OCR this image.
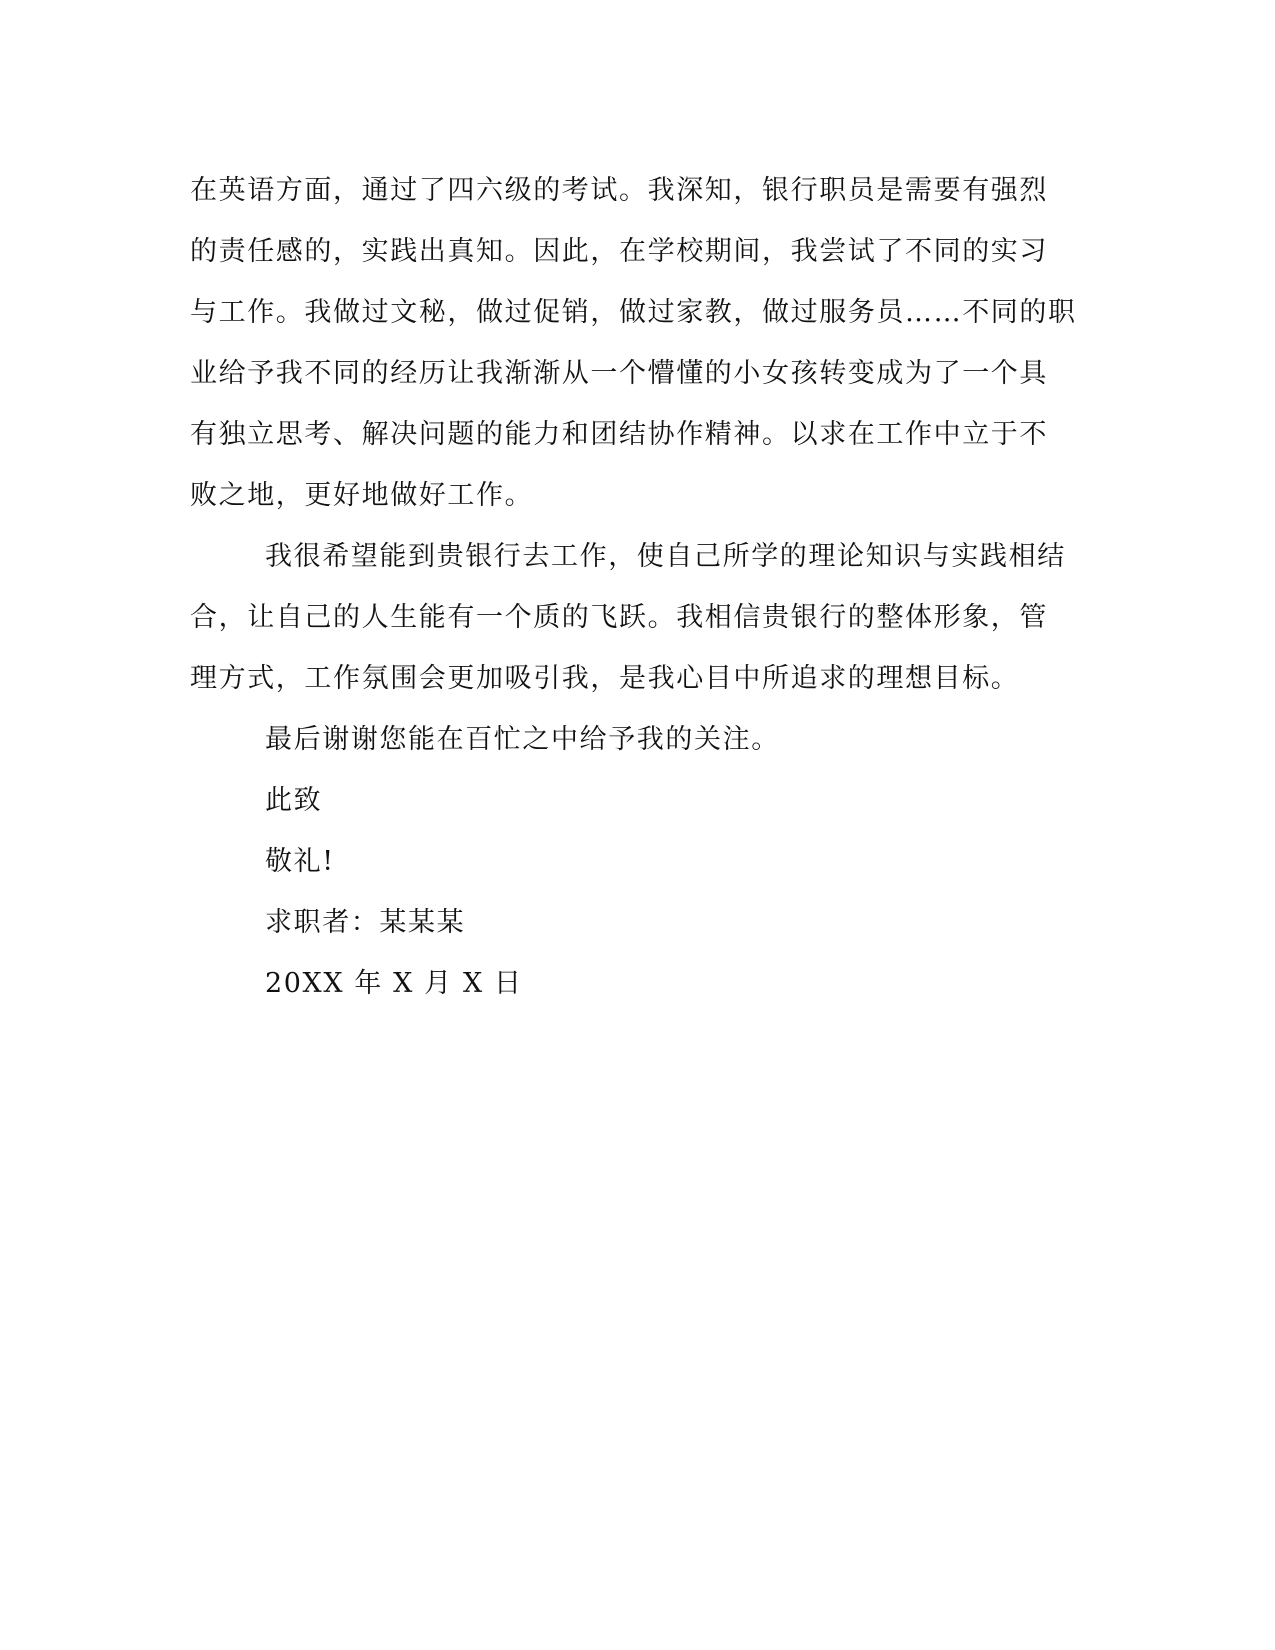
在英语方面，通过了四六级的考试。我深知，银行职员是需要有强烈
的责任感的，实践出真知。因此，在学校期间，我尝试了不同的实习
与工作。我做过文秘，做过促销，做过家教，做过服务员……不同的职
业给予我不同的经历让我渐渐从一个懵懂的小女孩转变成为了一个具
有独立思考、解决问题的能力和团结协作精神。以求在工作中立于不
败之地，更好地做好工作。
我很希望能到贵银行去工作，使自己所学的理论知识与实践相结
合，让自己的人生能有一个质的飞跃。我相信贵银行的整体形象，管
理方式，工作氛围会更加吸引我，是我心目中所追求的理想目标。
最后谢谢您能在百忙之中给予我的关注。
此致
敬礼!
求职者：某某某
20XX 年 X 月 X 日
